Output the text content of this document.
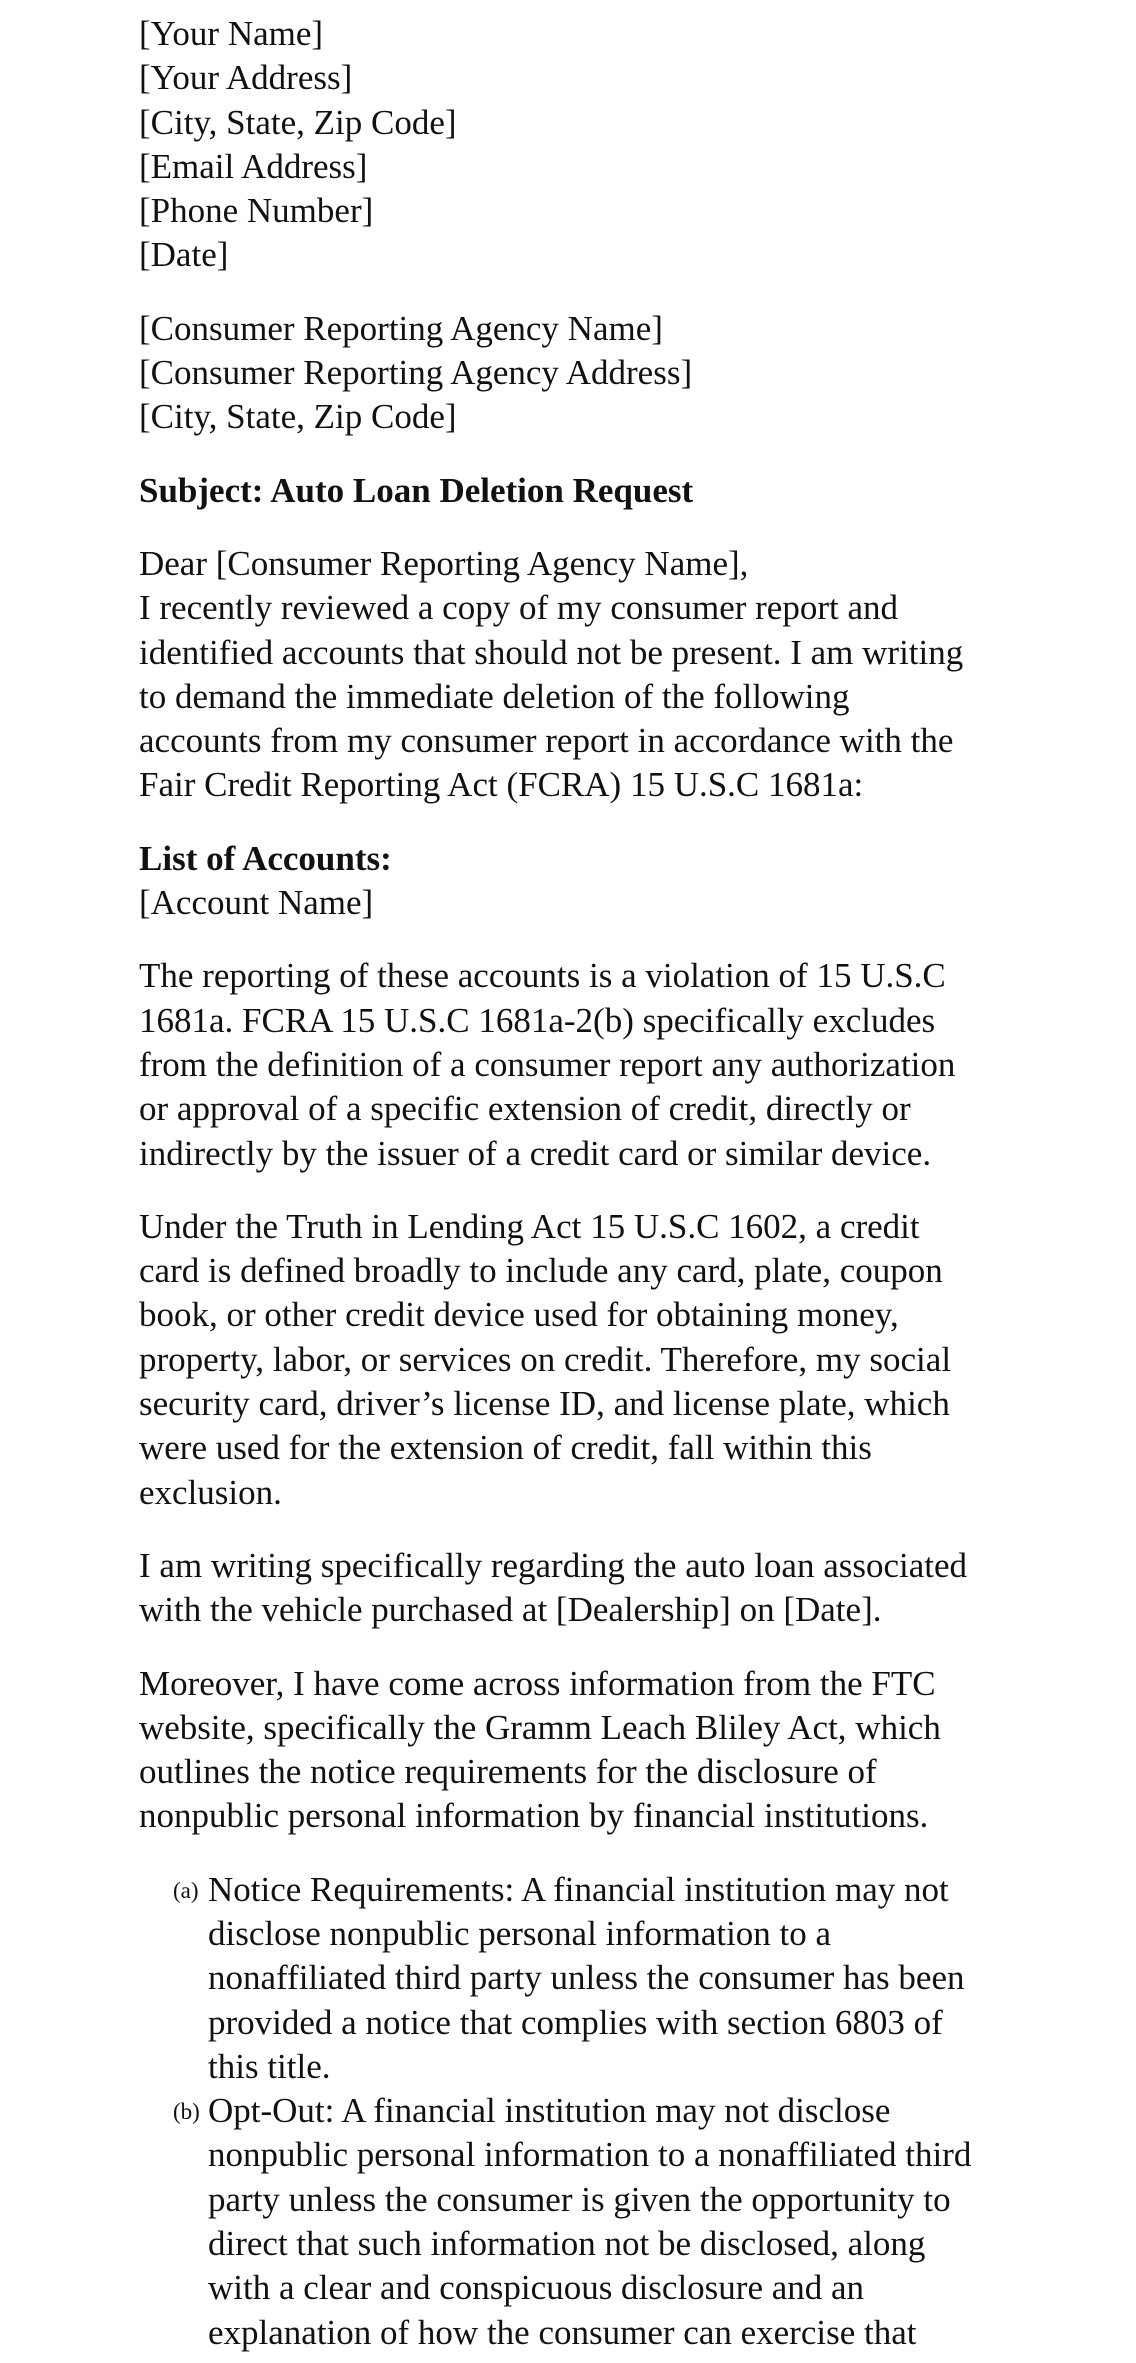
[Your Name]
[Your Address]
[City, State, Zip Code]
[Email Address]
[Phone Number]
[Date]
[Consumer Reporting Agency Name]
[Consumer Reporting Agency Address]
[City, State, Zip Code]
Subject: Auto Loan Deletion Request
Dear [Consumer Reporting Agency Name],
I recently reviewed a copy of my consumer report and
identified accounts that should not be present. I am writing
to demand the immediate deletion of the following
accounts from my consumer report in accordance with the
Fair Credit Reporting Act (FCRA) 15 U.S.C 1681a:
List of Accounts:
[Account Name]
The reporting of these accounts is a violation of 15 U.S.C
1681a. FCRA 15 U.S.C 1681a-2(b) specifically excludes
from the definition of a consumer report any authorization
or approval of a specific extension of credit, directly or
indirectly by the issuer of a credit card or similar device.
Under the Truth in Lending Act 15 U.S.C 1602, a credit
card is defined broadly to include any card, plate, coupon
book, or other credit device used for obtaining money,
property, labor, or services on credit. Therefore, my social
security card, driver’s license ID, and license plate, which
were used for the extension of credit, fall within this
exclusion.
I am writing specifically regarding the auto loan associated
with the vehicle purchased at [Dealership] on [Date].
Moreover, I have come across information from the FTC
website, specifically the Gramm Leach Bliley Act, which
outlines the notice requirements for the disclosure of
nonpublic personal information by financial institutions.
(a) Notice Requirements: A financial institution may not
disclose nonpublic personal information to a
nonaffiliated third party unless the consumer has been
provided a notice that complies with section 6803 of
this title.
(b) Opt-Out: A financial institution may not disclose
nonpublic personal information to a nonaffiliated third
party unless the consumer is given the opportunity to
direct that such information not be disclosed, along
with a clear and conspicuous disclosure and an
explanation of how the consumer can exercise that
